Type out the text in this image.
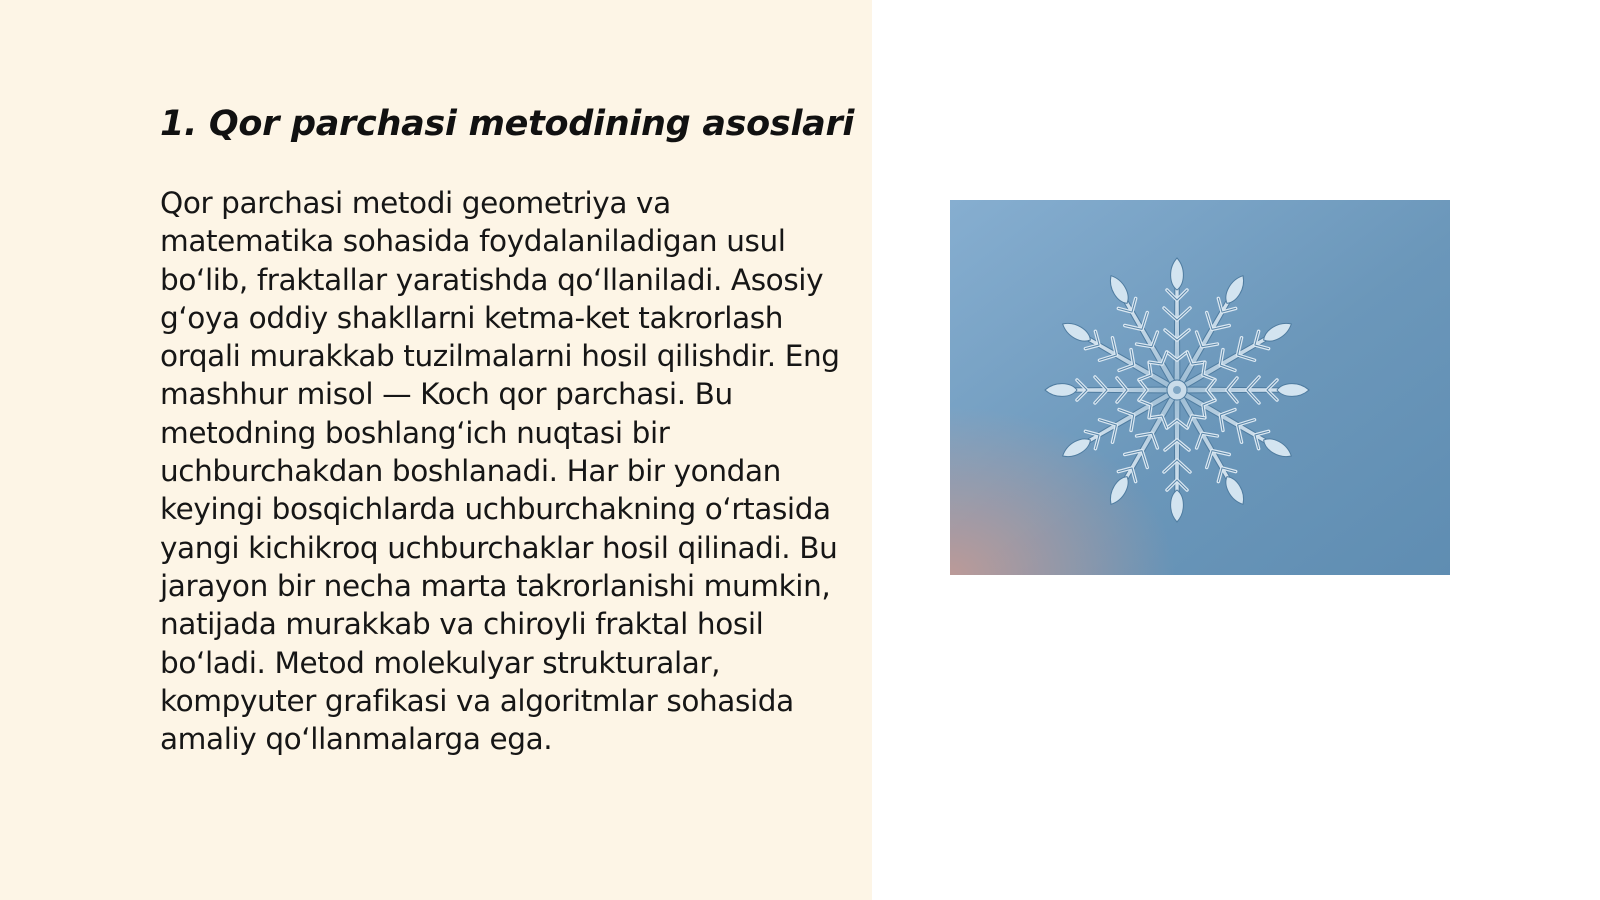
1. Qor parchasi metodining asoslari

Qor parchasi metodi geometriya va matematika sohasida foydalaniladigan usul bo‘lib, fraktallar yaratishda qo‘llaniladi. Asosiy g‘oya oddiy shakllarni ketma-ket takrorlash orqali murakkab tuzilmalarni hosil qilishdir. Eng mashhur misol — Koch qor parchasi. Bu metodning boshlang‘ich nuqtasi bir uchburchakdan boshlanadi. Har bir yondan keyingi bosqichlarda uchburchakning o‘rtasida yangi kichikroq uchburchaklar hosil qilinadi. Bu jarayon bir necha marta takrorlanishi mumkin, natijada murakkab va chiroyli fraktal hosil bo‘ladi. Metod molekulyar strukturalar, kompyuter grafikasi va algoritmlar sohasida amaliy qo‘llanmalarga ega.
